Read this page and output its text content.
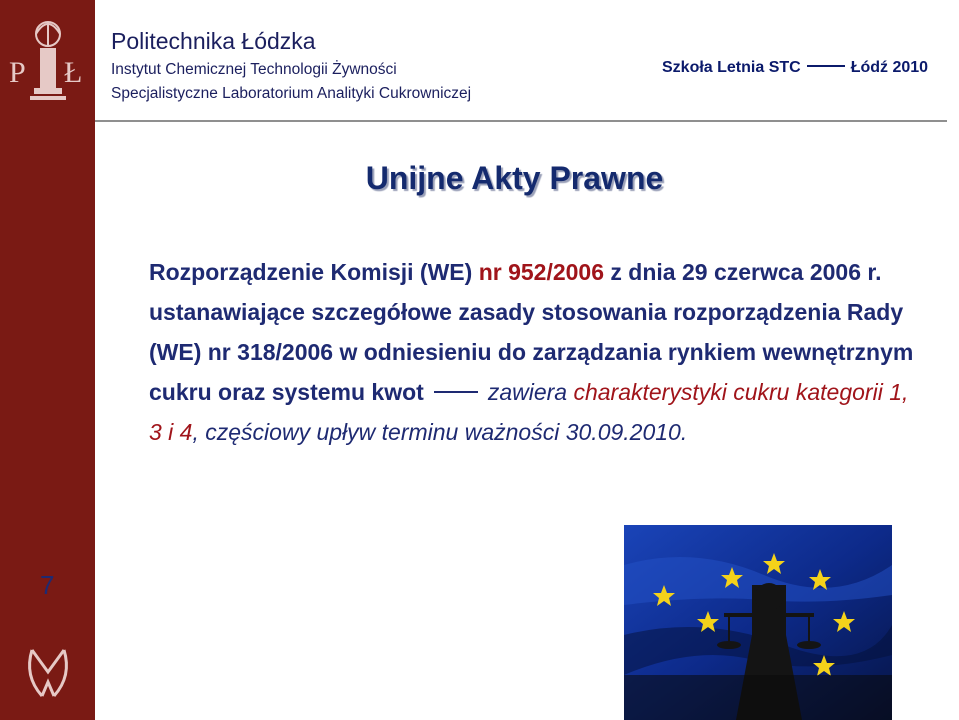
P Ł
Politechnika Łódzka
Instytut Chemicznej Technologii Żywności
Specjalistyczne Laboratorium Analityki Cukrowniczej
Szkoła Letnia STC	Łódź 2010
Unijne Akty Prawne
Rozporządzenie Komisji (WE) nr 952/2006 z dnia 29 czerwca 2006 r. ustanawiające szczegółowe zasady stosowania rozporządzenia Rady (WE) nr 318/2006 w odniesieniu do zarządzania rynkiem wewnętrznym cukru oraz systemu kwot	zawiera charakterystyki cukru kategorii 1, 3 i 4, częściowy upływ terminu ważności 30.09.2010.
7
